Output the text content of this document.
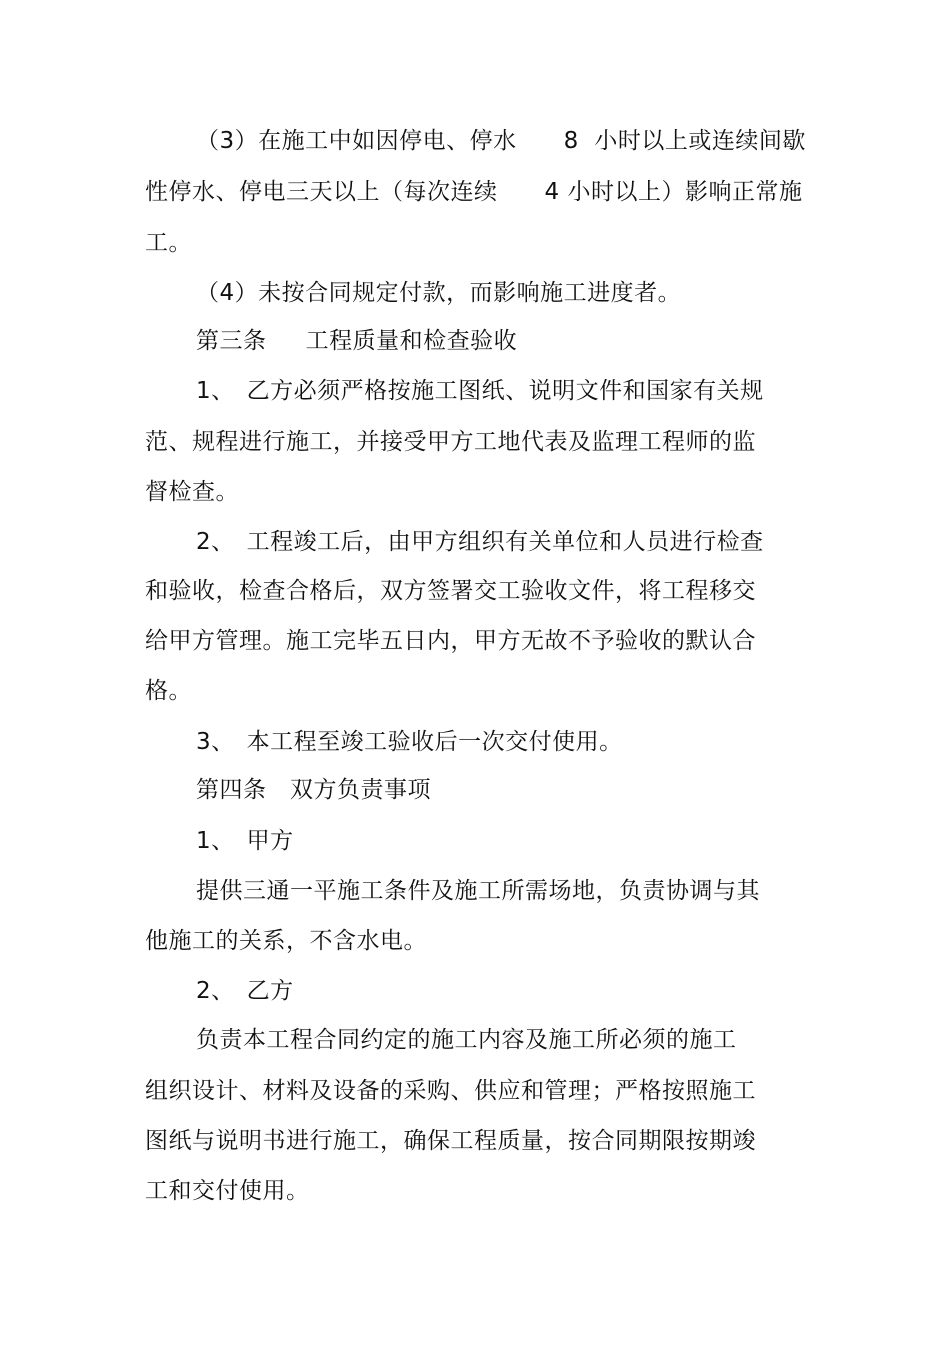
（3）在施工中如因停电、停水　　8  小时以上或连续间歇
性停水、停电三天以上（每次连续　　4 小时以上）影响正常施
工。
（4）未按合同规定付款，而影响施工进度者。
第三条　  工程质量和检查验收
1、　乙方必须严格按施工图纸、说明文件和国家有关规
范、规程进行施工，并接受甲方工地代表及监理工程师的监
督检查。
2、　工程竣工后，由甲方组织有关单位和人员进行检查
和验收，检查合格后，双方签署交工验收文件，将工程移交
给甲方管理。施工完毕五日内，甲方无故不予验收的默认合
格。
3、　本工程至竣工验收后一次交付使用。
第四条　双方负责事项
1、　甲方
提供三通一平施工条件及施工所需场地，负责协调与其
他施工的关系，不含水电。
2、　乙方
负责本工程合同约定的施工内容及施工所必须的施工
组织设计、材料及设备的采购、供应和管理；严格按照施工
图纸与说明书进行施工，确保工程质量，按合同期限按期竣
工和交付使用。
